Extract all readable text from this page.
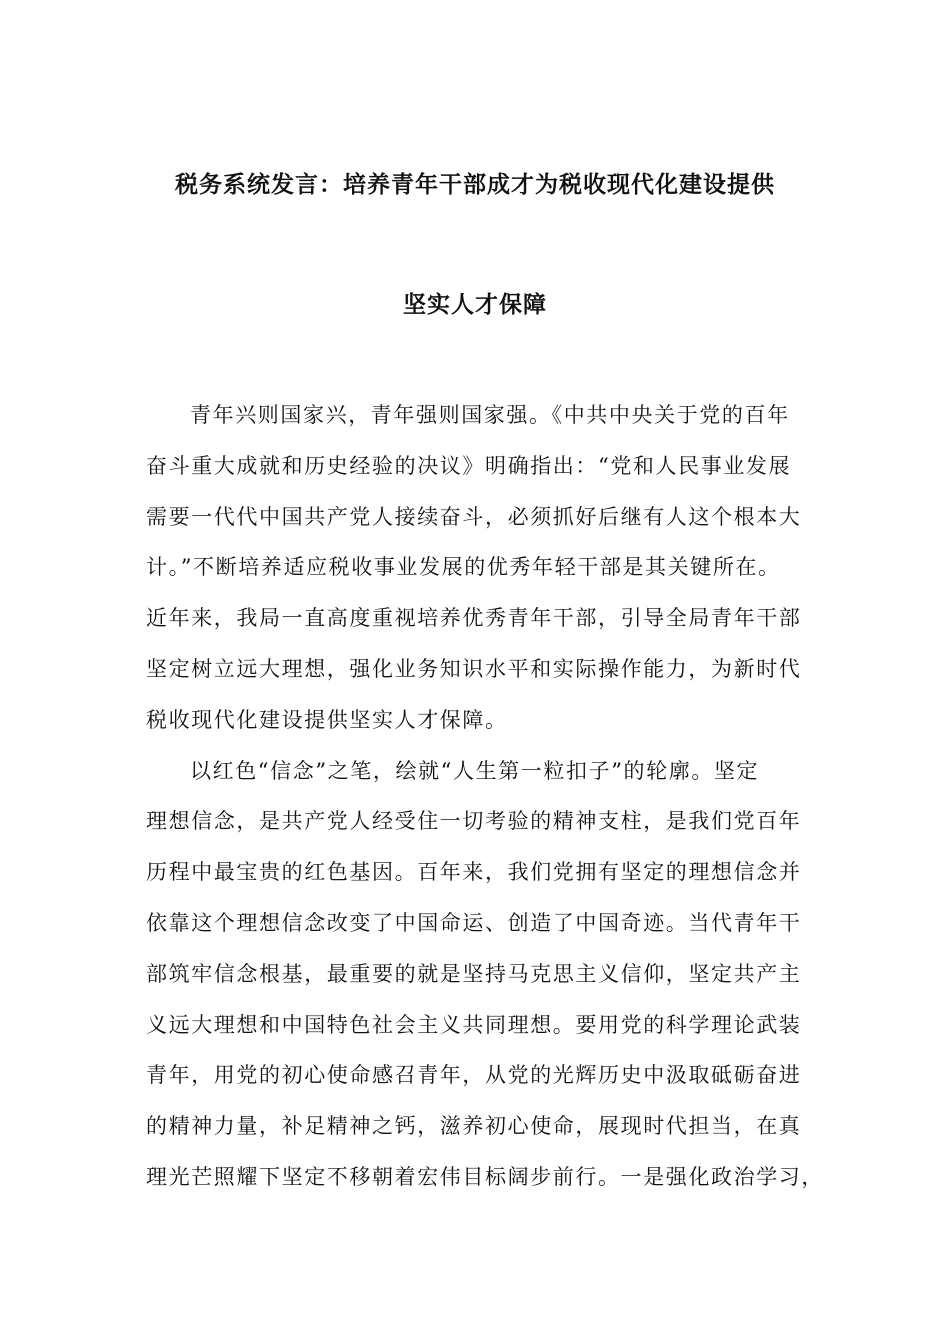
税务系统发言：培养青年干部成才为税收现代化建设提供
坚实人才保障
青年兴则国家兴，青年强则国家强。《中共中央关于党的百年
奋斗重大成就和历史经验的决议》明确指出：“党和人民事业发展
需要一代代中国共产党人接续奋斗，必须抓好后继有人这个根本大
计。”不断培养适应税收事业发展的优秀年轻干部是其关键所在。
近年来，我局一直高度重视培养优秀青年干部，引导全局青年干部
坚定树立远大理想，强化业务知识水平和实际操作能力，为新时代
税收现代化建设提供坚实人才保障。
以红色“信念”之笔，绘就“人生第一粒扣子”的轮廓。坚定
理想信念，是共产党人经受住一切考验的精神支柱，是我们党百年
历程中最宝贵的红色基因。百年来，我们党拥有坚定的理想信念并
依靠这个理想信念改变了中国命运、创造了中国奇迹。当代青年干
部筑牢信念根基，最重要的就是坚持马克思主义信仰，坚定共产主
义远大理想和中国特色社会主义共同理想。要用党的科学理论武装
青年，用党的初心使命感召青年，从党的光辉历史中汲取砥砺奋进
的精神力量，补足精神之钙，滋养初心使命，展现时代担当，在真
理光芒照耀下坚定不移朝着宏伟目标阔步前行。一是强化政治学习，
